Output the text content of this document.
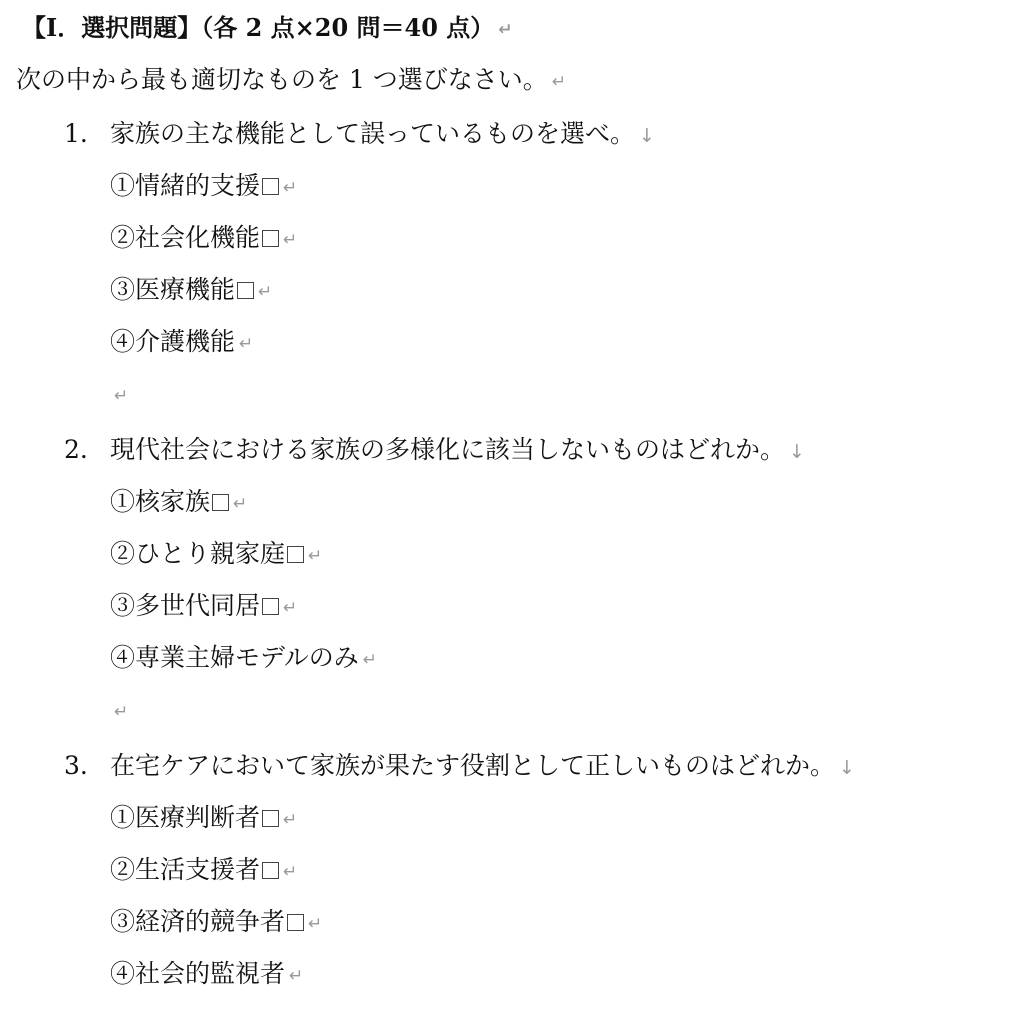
【Ⅰ．選択問題】（各 2 点×20 問＝40 点） ↵
次の中から最も適切なものを 1 つ選びなさい。 ↵
1. 家族の主な機能として誤っているものを選べ。 ↓
①情緒的支援 ↵
②社会化機能 ↵
③医療機能 ↵
④介護機能 ↵
↵
2. 現代社会における家族の多様化に該当しないものはどれか。 ↓
①核家族 ↵
②ひとり親家庭 ↵
③多世代同居 ↵
④専業主婦モデルのみ ↵
↵
3. 在宅ケアにおいて家族が果たす役割として正しいものはどれか。 ↓
①医療判断者 ↵
②生活支援者 ↵
③経済的競争者 ↵
④社会的監視者 ↵
